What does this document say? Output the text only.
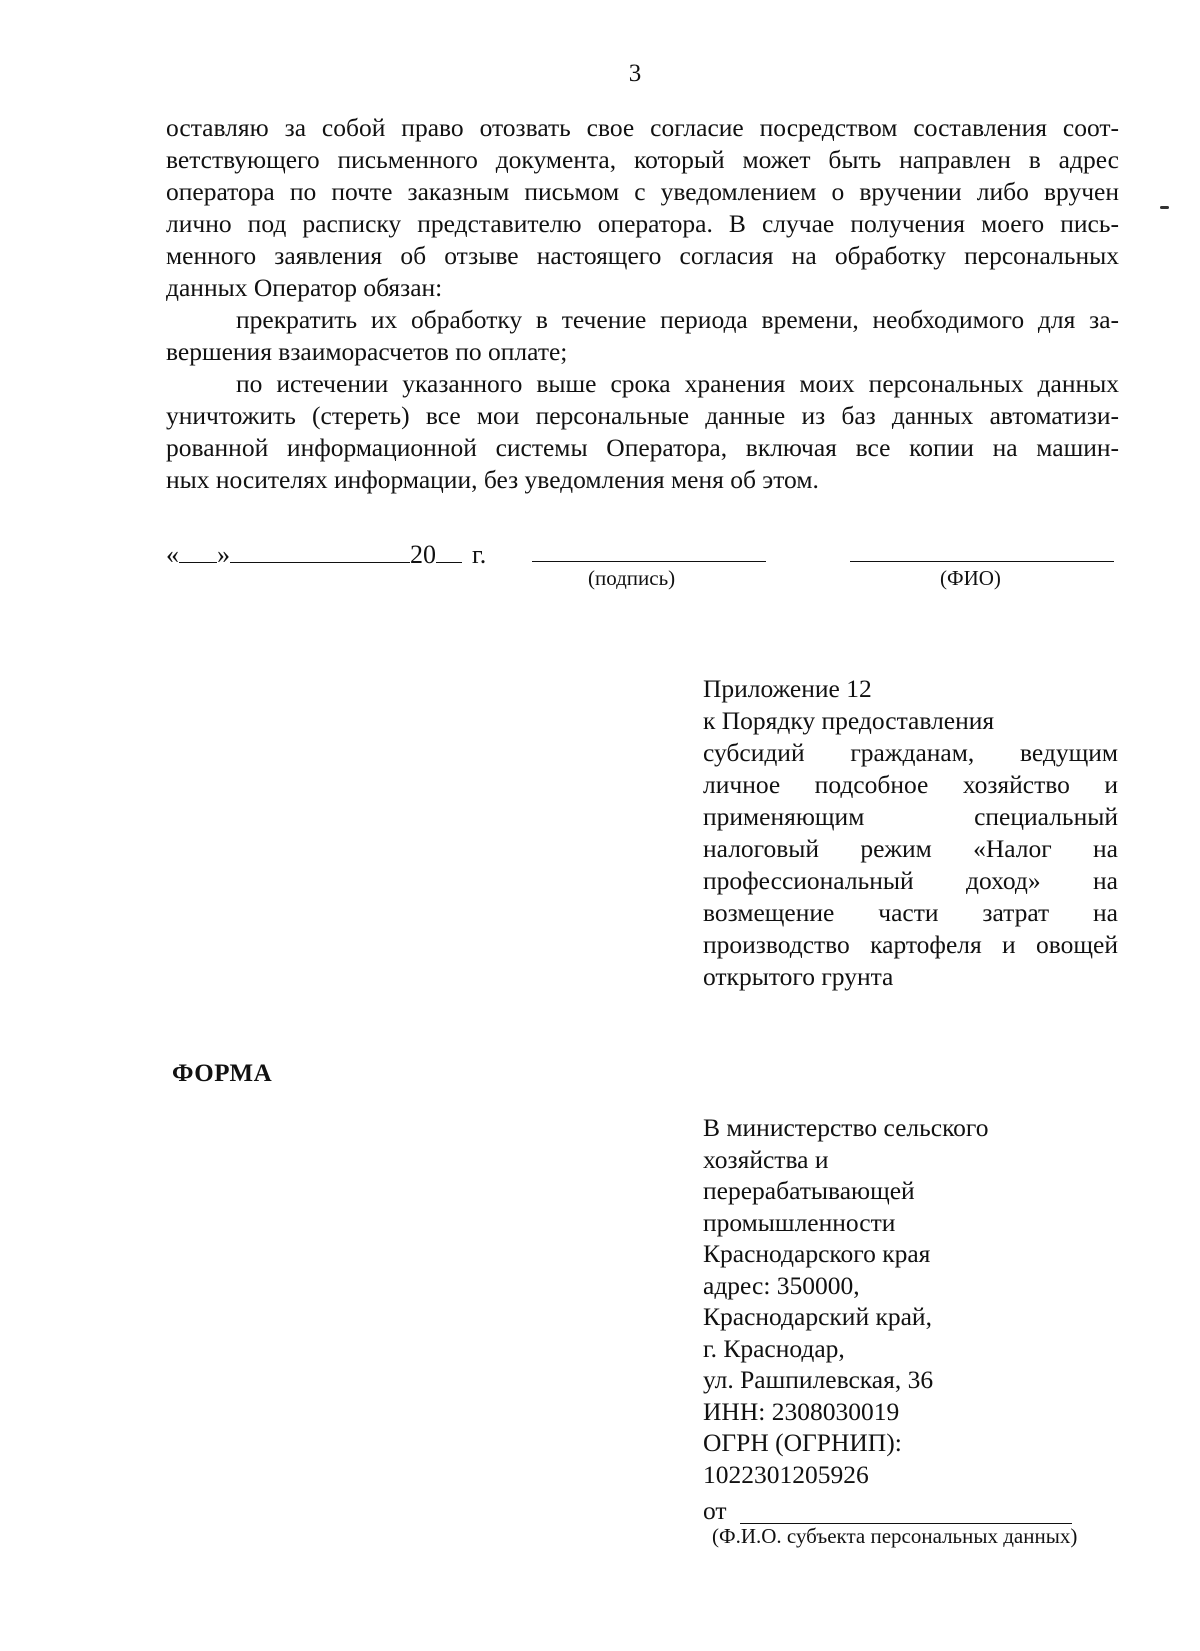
3
оставляю за собой право отозвать свое согласие посредством составления соот-
ветствующего письменного документа, который может быть направлен в адрес
оператора по почте заказным письмом с уведомлением о вручении либо вручен
лично под расписку представителю оператора. В случае получения моего пись-
менного заявления об отзыве настоящего согласия на обработку персональных
данных Оператор обязан:
прекратить их обработку в течение периода времени, необходимого для за-
вершения взаиморасчетов по оплате;
по истечении указанного выше срока хранения моих персональных данных
уничтожить (стереть) все мои персональные данные из баз данных автоматизи-
рованной информационной системы Оператора, включая все копии на машин-
ных носителях информации, без уведомления меня об этом.
« »	20 г.
(подпись)	(ФИО)
Приложение 12
к Порядку предоставления
субсидий гражданам, ведущим
личное подсобное хозяйство и
применяющим специальный
налоговый режим «Налог на
профессиональный доход» на
возмещение части затрат на
производство картофеля и овощей
открытого грунта
ФОРМА
В министерство сельского
хозяйства и
перерабатывающей
промышленности
Краснодарского края
адрес: 350000,
Краснодарский край,
г. Краснодар,
ул. Рашпилевская, 36
ИНН: 2308030019
ОГРН (ОГРНИП):
1022301205926
от
(Ф.И.О. субъекта персональных данных)
